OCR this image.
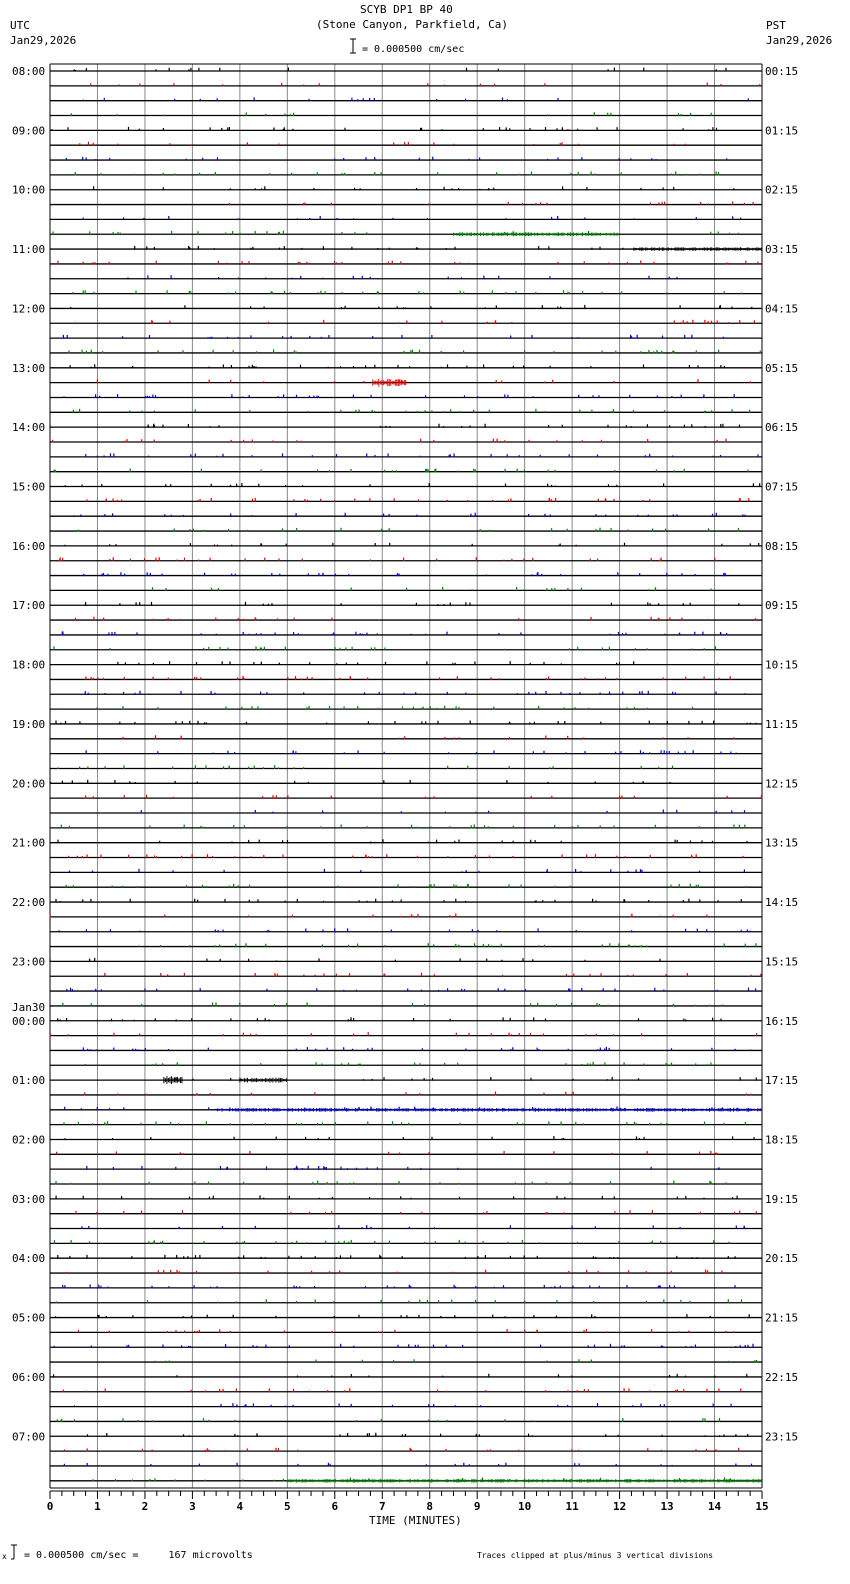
SCYB DP1 BP 40
(Stone Canyon, Parkfield, Ca)
UTC
Jan29,2026
PST
Jan29,2026
= 0.000500 cm/sec
x = 0.000500 cm/sec =     167 microvolts	Traces clipped at plus/minus 3 vertical divisions
TIME (MINUTES)
0	1	2	3	4	5	6	7	8	9	10	11	12	13	14	15
08:00	00:15
09:00	01:15
10:00	02:15
11:00	03:15
12:00	04:15
13:00	05:15
14:00	06:15
15:00	07:15
16:00	08:15
17:00	09:15
18:00	10:15
19:00	11:15
20:00	12:15
21:00	13:15
22:00	14:15
23:00	15:15
00:00	16:15
Jan30
01:00	17:15
02:00	18:15
03:00	19:15
04:00	20:15
05:00	21:15
06:00	22:15
07:00	23:15
